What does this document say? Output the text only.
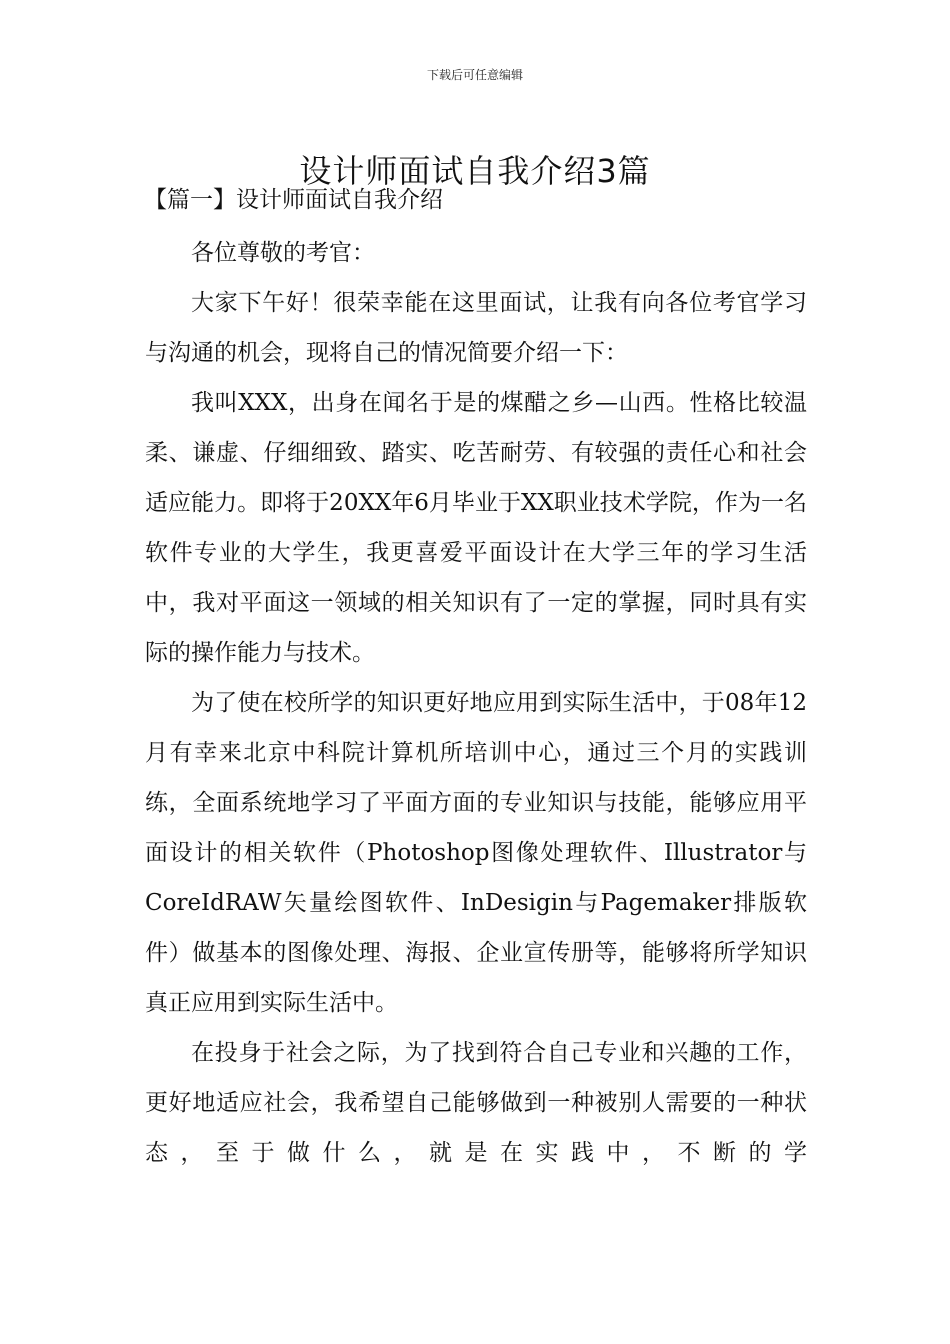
下载后可任意编辑
设计师面试自我介绍3篇
【篇一】设计师面试自我介绍

各位尊敬的考官：

大家下午好！很荣幸能在这里面试，让我有向各位考官学习与沟通的机会，现将自己的情况简要介绍一下：

我叫XXX，出身在闻名于是的煤醋之乡—山西。性格比较温柔、谦虚、仔细细致、踏实、吃苦耐劳、有较强的责任心和社会适应能力。即将于20XX年6月毕业于XX职业技术学院，作为一名软件专业的大学生，我更喜爱平面设计在大学三年的学习生活中，我对平面这一领域的相关知识有了一定的掌握，同时具有实际的操作能力与技术。

为了使在校所学的知识更好地应用到实际生活中，于08年12月有幸来北京中科院计算机所培训中心，通过三个月的实践训练，全面系统地学习了平面方面的专业知识与技能，能够应用平面设计的相关软件（Photoshop图像处理软件、Illustrator与CoreIdRAW矢量绘图软件、InDesigin与Pagemaker排版软件）做基本的图像处理、海报、企业宣传册等，能够将所学知识真正应用到实际生活中。

在投身于社会之际，为了找到符合自己专业和兴趣的工作，更好地适应社会，我希望自己能够做到一种被别人需要的一种状态，至于做什么，就是在实践中，不断的学
